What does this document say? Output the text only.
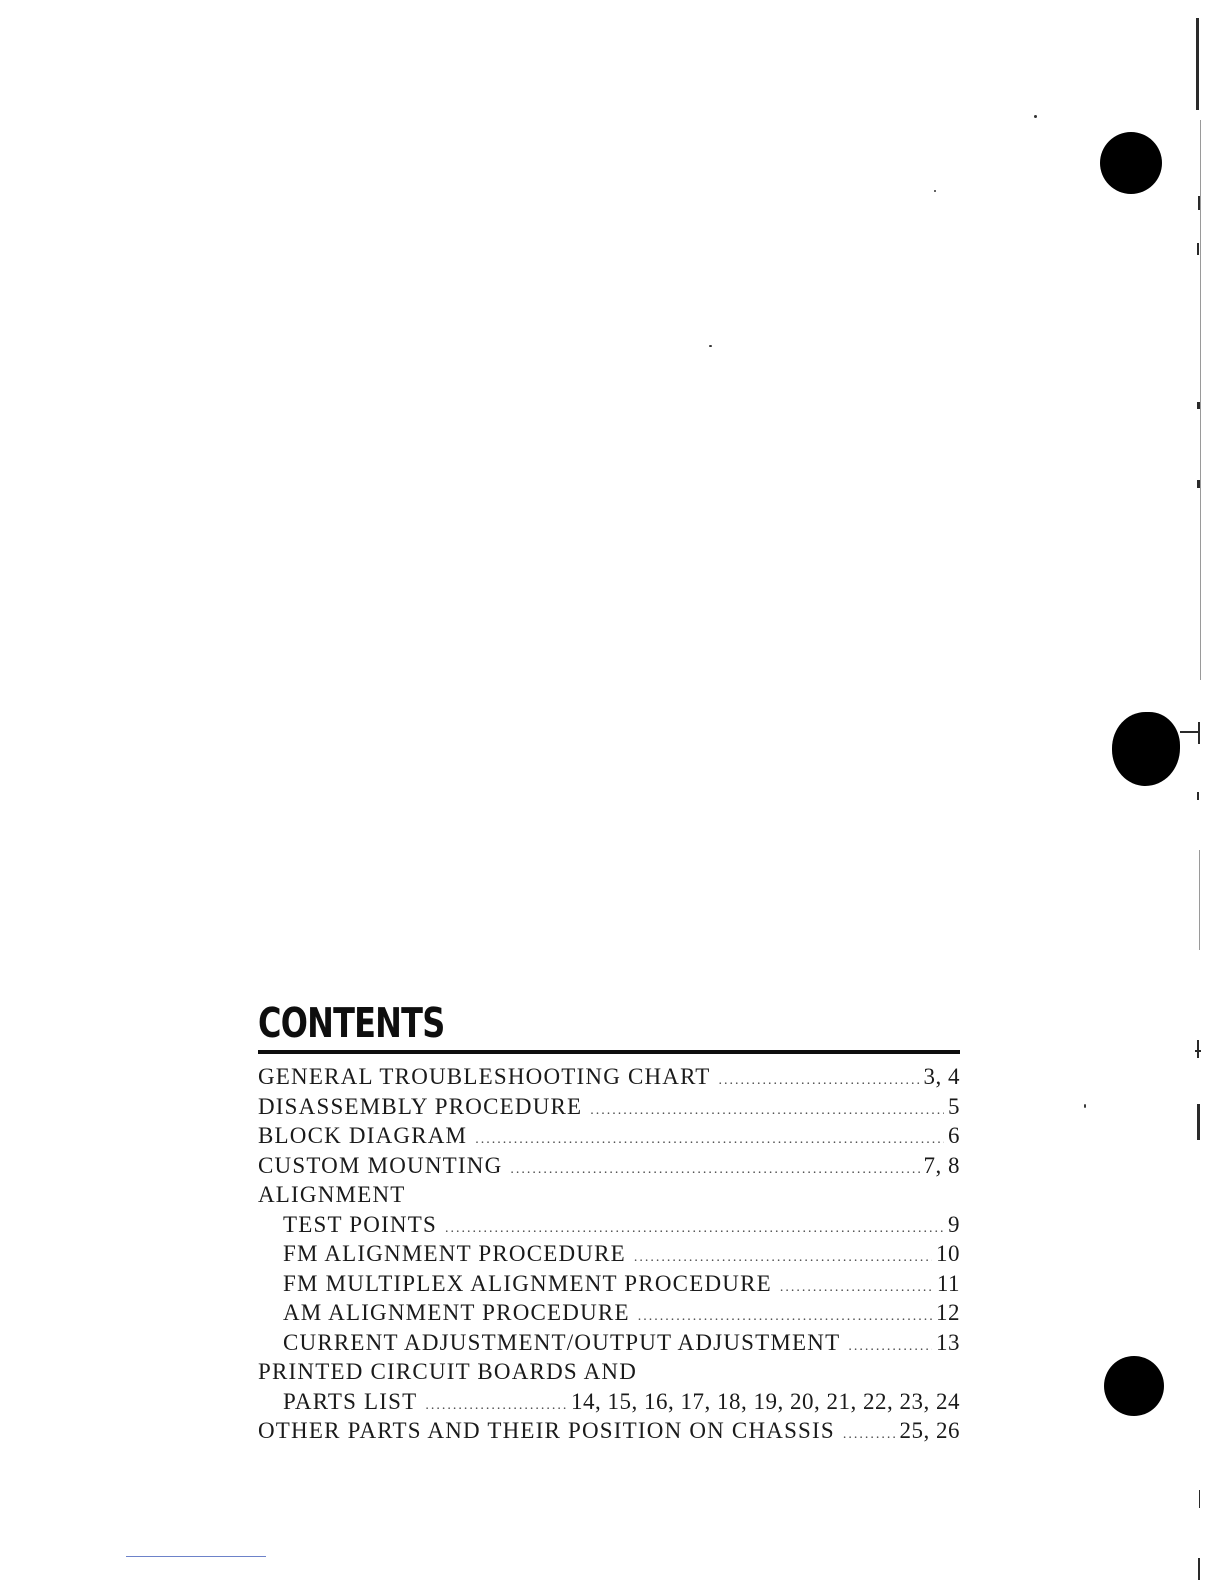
CONTENTS
GENERAL TROUBLESHOOTING CHART .....	3, 4
DISASSEMBLY PROCEDURE .....	5
BLOCK DIAGRAM .....	6
CUSTOM MOUNTING .....	7, 8
ALIGNMENT
TEST POINTS .....	9
FM ALIGNMENT PROCEDURE .....	10
FM MULTIPLEX ALIGNMENT PROCEDURE .....	11
AM ALIGNMENT PROCEDURE .....	12
CURRENT ADJUSTMENT/OUTPUT ADJUSTMENT .....	13
PRINTED CIRCUIT BOARDS AND
PARTS LIST .....	14, 15, 16, 17, 18, 19, 20, 21, 22, 23, 24
OTHER PARTS AND THEIR POSITION ON CHASSIS .....	25, 26
